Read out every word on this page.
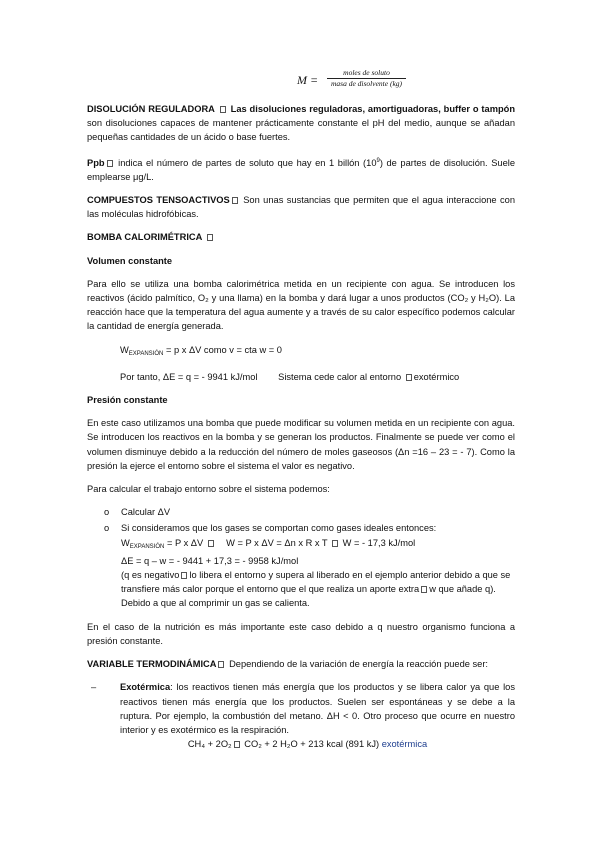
M =
moles de soluto
masa de disolvente (kg)

DISOLUCIÓN REGULADORA Las disoluciones reguladoras, amortiguadoras, buffer o tampón son disoluciones capaces de mantener prácticamente constante el pH del medio, aunque se añadan pequeñas cantidades de un ácido o base fuertes.

Ppb indica el número de partes de soluto que hay en 1 billón $(10^9)$ de partes de disolución. Suele emplearse μg/L.

COMPUESTOS TENSOACTIVOS Son unas sustancias que permiten que el agua interaccione con las moléculas hidrofóbicas.

BOMBA CALORIMÉTRICA

Volumen constante

Para ello se utiliza una bomba calorimétrica metida en un recipiente con agua. Se introducen los reactivos (ácido palmítico, O₂ y una llama) en la bomba y dará lugar a unos productos (CO₂ y H₂O). La reacción hace que la temperatura del agua aumente y a través de su calor específico podemos calcular la cantidad de energía generada.

$W_{EXPANSIÓN} = p$ x ΔV como v = cta w = 0

Por tanto, ΔE = q = - 9941 kJ/mol        Sistema cede calor al entorno exotérmico

Presión constante

En este caso utilizamos una bomba que puede modificar su volumen metida en un recipiente con agua. Se introducen los reactivos en la bomba y se generan los productos. Finalmente se puede ver como el volumen disminuye debido a la reducción del número de moles gaseosos (Δn =16 – 23 = - 7). Como la presión la ejerce el entorno sobre el sistema el valor es negativo.

Para calcular el trabajo entorno sobre el sistema podemos:

o Calcular ΔV
o Si consideramos que los gases se comportan como gases ideales entonces:
$W_{EXPANSIÓN} = P$ x ΔV     W = P x ΔV = Δn x R x T  W = - 17,3 kJ/mol
ΔE = q – w = - 9441 + 17,3 = - 9958 kJ/mol
(q es negativo lo libera el entorno y supera al liberado en el ejemplo anterior debido a que se transfiere más calor porque el entorno que el que realiza un aporte extra w que añade q). Debido a que al comprimir un gas se calienta.

En el caso de la nutrición es más importante este caso debido a q nuestro organismo funciona a presión constante.

VARIABLE TERMODINÁMICA Dependiendo de la variación de energía la reacción puede ser:

–	Exotérmica: los reactivos tienen más energía que los productos y se libera calor ya que los reactivos tienen más energía que los productos. Suelen ser espontáneas y se debe a la ruptura. Por ejemplo, la combustión del metano. ΔH < 0. Otro proceso que ocurre en nuestro interior y es exotérmico es la respiración.

CH₄ + 2O₂ CO₂ + 2 H₂O + 213 kcal (891 kJ) exotérmica
